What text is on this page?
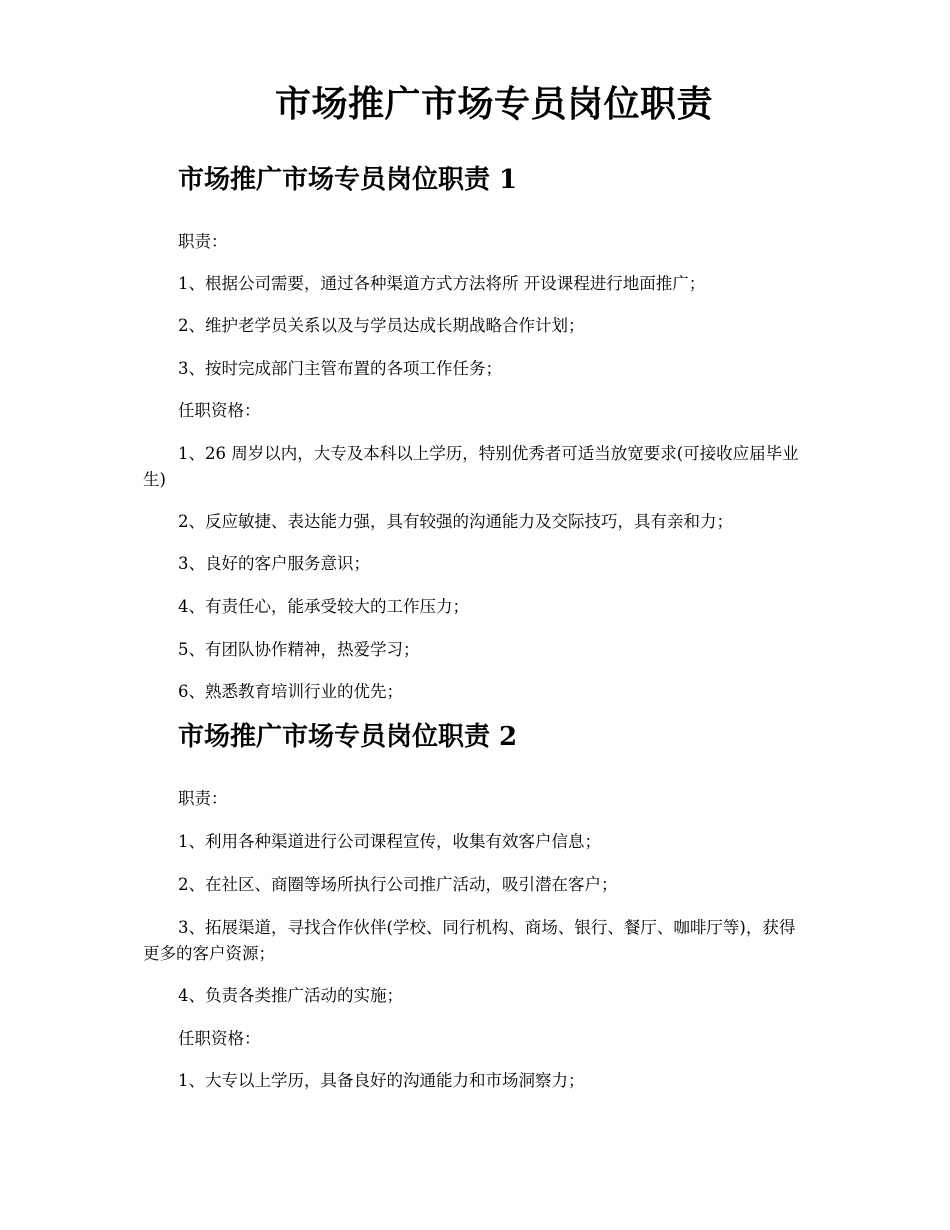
市场推广市场专员岗位职责
市场推广市场专员岗位职责 1

职责：

1、根据公司需要，通过各种渠道方式方法将所 开设课程进行地面推广；

2、维护老学员关系以及与学员达成长期战略合作计划；

3、按时完成部门主管布置的各项工作任务；

任职资格：

1、26 周岁以内，大专及本科以上学历，特别优秀者可适当放宽要求(可接收应届毕业生)

2、反应敏捷、表达能力强，具有较强的沟通能力及交际技巧，具有亲和力；

3、良好的客户服务意识；

4、有责任心，能承受较大的工作压力；

5、有团队协作精神，热爱学习；

6、熟悉教育培训行业的优先；

市场推广市场专员岗位职责 2

职责：

1、利用各种渠道进行公司课程宣传，收集有效客户信息；

2、在社区、商圈等场所执行公司推广活动，吸引潜在客户；

3、拓展渠道，寻找合作伙伴(学校、同行机构、商场、银行、餐厅、咖啡厅等)，获得更多的客户资源；

4、负责各类推广活动的实施；

任职资格：

1、大专以上学历，具备良好的沟通能力和市场洞察力；
